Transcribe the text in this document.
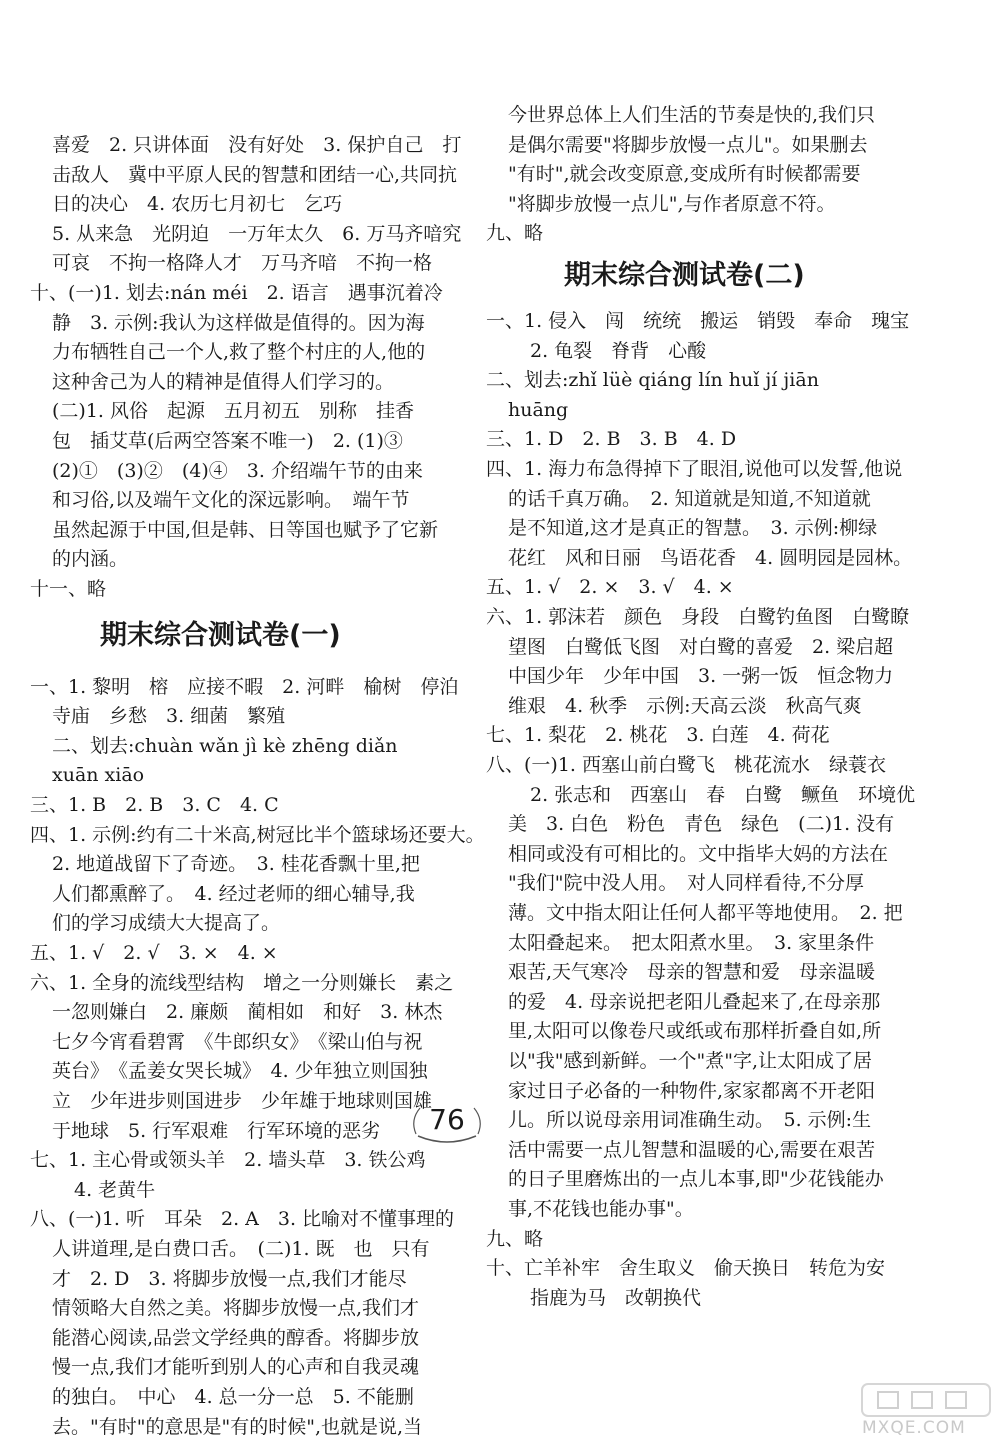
喜爱　2. 只讲体面　没有好处　3. 保护自己　打
击敌人　冀中平原人民的智慧和团结一心,共同抗
日的决心　4. 农历七月初七　乞巧
5. 从来急　光阴迫　一万年太久　6. 万马齐喑究
可哀　不拘一格降人才　万马齐喑　不拘一格
十、(一)1. 划去:nán méi　2. 语言　遇事沉着冷
静　3. 示例:我认为这样做是值得的。因为海
力布牺牲自己一个人,救了整个村庄的人,他的
这种舍己为人的精神是值得人们学习的。
(二)1. 风俗　起源　五月初五　别称　挂香
包　插艾草(后两空答案不唯一)　2. (1)③
(2)①　(3)②　(4)④　3. 介绍端午节的由来
和习俗,以及端午文化的深远影响。　端午节
虽然起源于中国,但是韩、日等国也赋予了它新
的内涵。
十一、略
期末综合测试卷(一)
一、1. 黎明　榕　应接不暇　2. 河畔　榆树　停泊
寺庙　乡愁　3. 细菌　繁殖
二、划去:chuàn wǎn jì kè zhēng diǎn
xuān xiāo
三、1. B　2. B　3. C　4. C
四、1. 示例:约有二十米高,树冠比半个篮球场还要大。
2. 地道战留下了奇迹。　3. 桂花香飘十里,把
人们都熏醉了。　4. 经过老师的细心辅导,我
们的学习成绩大大提高了。
五、1. √　2. √　3. ×　4. ×
六、1. 全身的流线型结构　增之一分则嫌长　素之
一忽则嫌白　2. 廉颇　蔺相如　和好　3. 林杰
七夕今宵看碧霄　《牛郎织女》　《梁山伯与祝
英台》　《孟姜女哭长城》　4. 少年独立则国独
立　少年进步则国进步　少年雄于地球则国雄
于地球　5. 行军艰难　行军环境的恶劣
七、1. 主心骨或领头羊　2. 墙头草　3. 铁公鸡
4. 老黄牛
八、(一)1. 听　耳朵　2. A　3. 比喻对不懂事理的
人讲道理,是白费口舌。　(二)1. 既　也　只有
才　2. D　3. 将脚步放慢一点,我们才能尽
情领略大自然之美。将脚步放慢一点,我们才
能潜心阅读,品尝文学经典的醇香。将脚步放
慢一点,我们才能听到别人的心声和自我灵魂
的独白。　中心　4. 总一分一总　5. 不能删
去。"有时"的意思是"有的时候",也就是说,当
今世界总体上人们生活的节奏是快的,我们只
是偶尔需要"将脚步放慢一点儿"。如果删去
"有时",就会改变原意,变成所有时候都需要
"将脚步放慢一点儿",与作者原意不符。
九、略
期末综合测试卷(二)
一、1. 侵入　闯　统统　搬运　销毁　奉命　瑰宝
2. 龟裂　脊背　心酸
二、划去:zhǐ lüè qiáng lín huǐ jí jiān
huāng
三、1. D　2. B　3. B　4. D
四、1. 海力布急得掉下了眼泪,说他可以发誓,他说
的话千真万确。　2. 知道就是知道,不知道就
是不知道,这才是真正的智慧。　3. 示例:柳绿
花红　风和日丽　鸟语花香　4. 圆明园是园林。
五、1. √　2. ×　3. √　4. ×
六、1. 郭沫若　颜色　身段　白鹭钓鱼图　白鹭瞭
望图　白鹭低飞图　对白鹭的喜爱　2. 梁启超
中国少年　少年中国　3. 一粥一饭　恒念物力
维艰　4. 秋季　示例:天高云淡　秋高气爽
七、1. 梨花　2. 桃花　3. 白莲　4. 荷花
八、(一)1. 西塞山前白鹭飞　桃花流水　绿蓑衣
2. 张志和　西塞山　春　白鹭　鳜鱼　环境优
美　3. 白色　粉色　青色　绿色　(二)1. 没有
相同或没有可相比的。文中指毕大妈的方法在
"我们"院中没人用。　对人同样看待,不分厚
薄。文中指太阳让任何人都平等地使用。　2. 把
太阳叠起来。　把太阳煮水里。　3. 家里条件
艰苦,天气寒冷　母亲的智慧和爱　母亲温暖
的爱　4. 母亲说把老阳儿叠起来了,在母亲那
里,太阳可以像卷尺或纸或布那样折叠自如,所
以"我"感到新鲜。一个"煮"字,让太阳成了居
家过日子必备的一种物件,家家都离不开老阳
儿。所以说母亲用词准确生动。　5. 示例:生
活中需要一点儿智慧和温暖的心,需要在艰苦
的日子里磨炼出的一点儿本事,即"少花钱能办
事,不花钱也能办事"。
九、略
十、亡羊补牢　舍生取义　偷天换日　转危为安
指鹿为马　改朝换代
76
MXQE.COM
